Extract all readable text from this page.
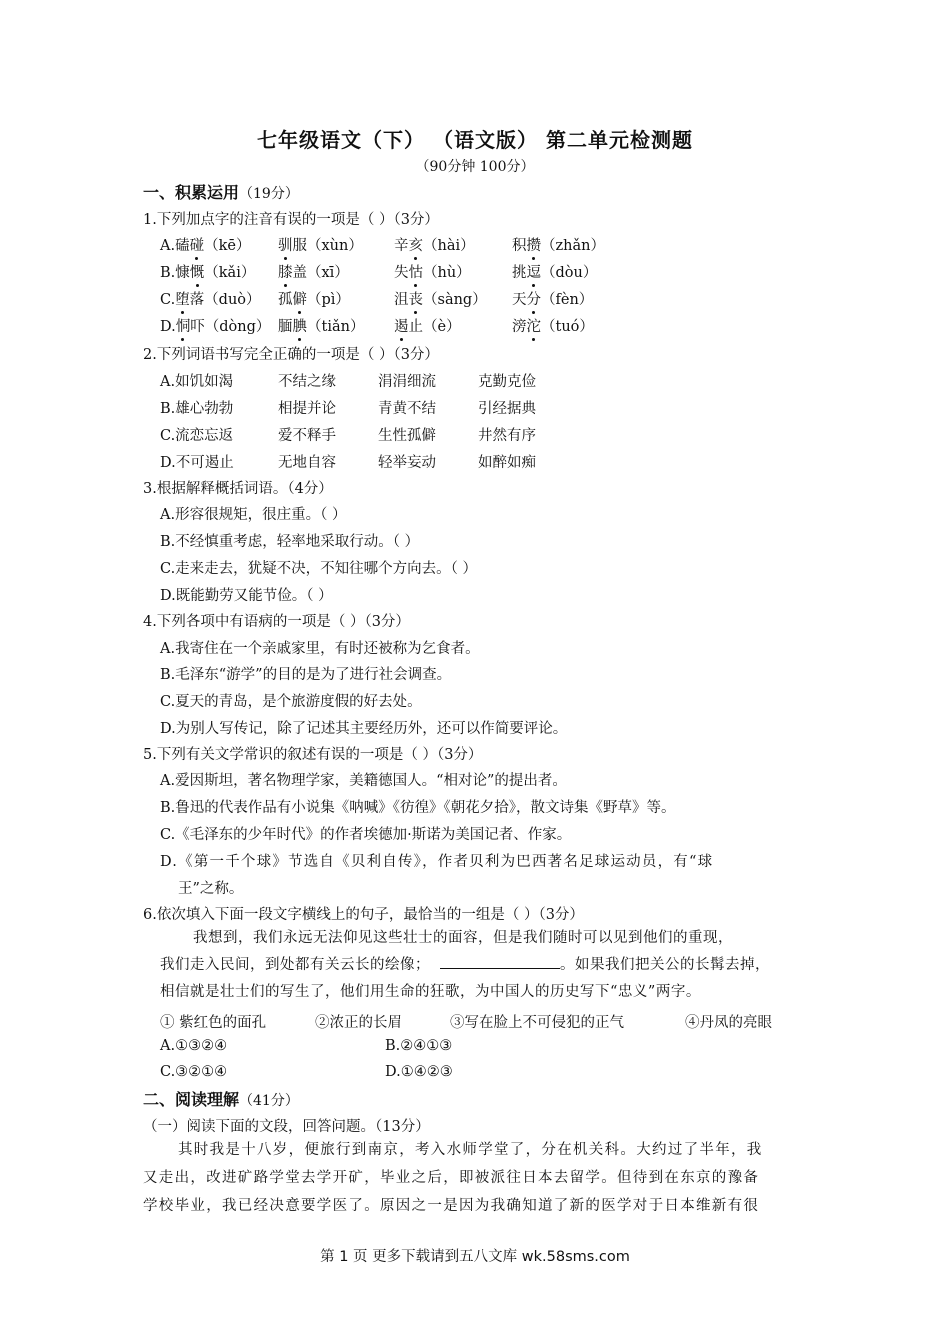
七年级语文（下） （语文版） 第二单元检测题
（90分钟 100分）
一、积累运用（19分）
1.下列加点字的注音有误的一项是（ ）（3分）
A.磕碰（kē） 驯服（xùn） 辛亥（hài）	积攒（zhǎn）
B.慷慨（kǎi） 膝盖（xī）	失怙（hù）	挑逗（dòu）
C.堕落（duò） 孤僻（pì）	沮丧（sàng） 天分（fèn）
D.恫吓（dòng） 腼腆（tiǎn） 遏止（è）	滂沱（tuó）
2.下列词语书写完全正确的一项是（ ）（3分）
A.如饥如渴	不结之缘	涓涓细流	克勤克俭
B.雄心勃勃	相提并论	青黄不结	引经据典
C.流恋忘返	爱不释手	生性孤僻	井然有序
D.不可遏止	无地自容	轻举妄动	如醉如痴
3.根据解释概括词语。（4分）
A.形容很规矩，很庄重。（ ）
B.不经慎重考虑，轻率地采取行动。（ ）
C.走来走去，犹疑不决，不知往哪个方向去。（ ）
D.既能勤劳又能节俭。（ ）
4.下列各项中有语病的一项是（ ）（3分）
A.我寄住在一个亲戚家里，有时还被称为乞食者。
B.毛泽东“游学”的目的是为了进行社会调查。
C.夏天的青岛，是个旅游度假的好去处。
D.为别人写传记，除了记述其主要经历外，还可以作简要评论。
5.下列有关文学常识的叙述有误的一项是（ ）（3分）
A.爱因斯坦，著名物理学家，美籍德国人。“相对论”的提出者。
B.鲁迅的代表作品有小说集《呐喊》《彷徨》《朝花夕拾》，散文诗集《野草》等。
C.《毛泽东的少年时代》的作者埃德加·斯诺为美国记者、作家。
D.《第一千个球》节选自《贝利自传》，作者贝利为巴西著名足球运动员，有“球
王”之称。
6.依次填入下面一段文字横线上的句子，最恰当的一组是（ ）（3分）
我想到，我们永远无法仰见这些壮士的面容，但是我们随时可以见到他们的重现，
我们走入民间，到处都有关云长的绘像；	。如果我们把关公的长髯去掉，
相信就是壮士们的写生了，他们用生命的狂歌，为中国人的历史写下“忠义”两字。
① 紫红色的面孔	②浓正的长眉	③写在脸上不可侵犯的正气	④丹凤的亮眼
A.①③②④	B.②④①③
C.③②①④	D.①④②③
二、阅读理解（41分）
（一）阅读下面的文段，回答问题。（13分）
其时我是十八岁，便旅行到南京，考入水师学堂了，分在机关科。大约过了半年，我
又走出，改进矿路学堂去学开矿，毕业之后，即被派往日本去留学。但待到在东京的豫备
学校毕业，我已经决意要学医了。原因之一是因为我确知道了新的医学对于日本维新有很
第 1 页 更多下载请到五八文库 wk.58sms.com
